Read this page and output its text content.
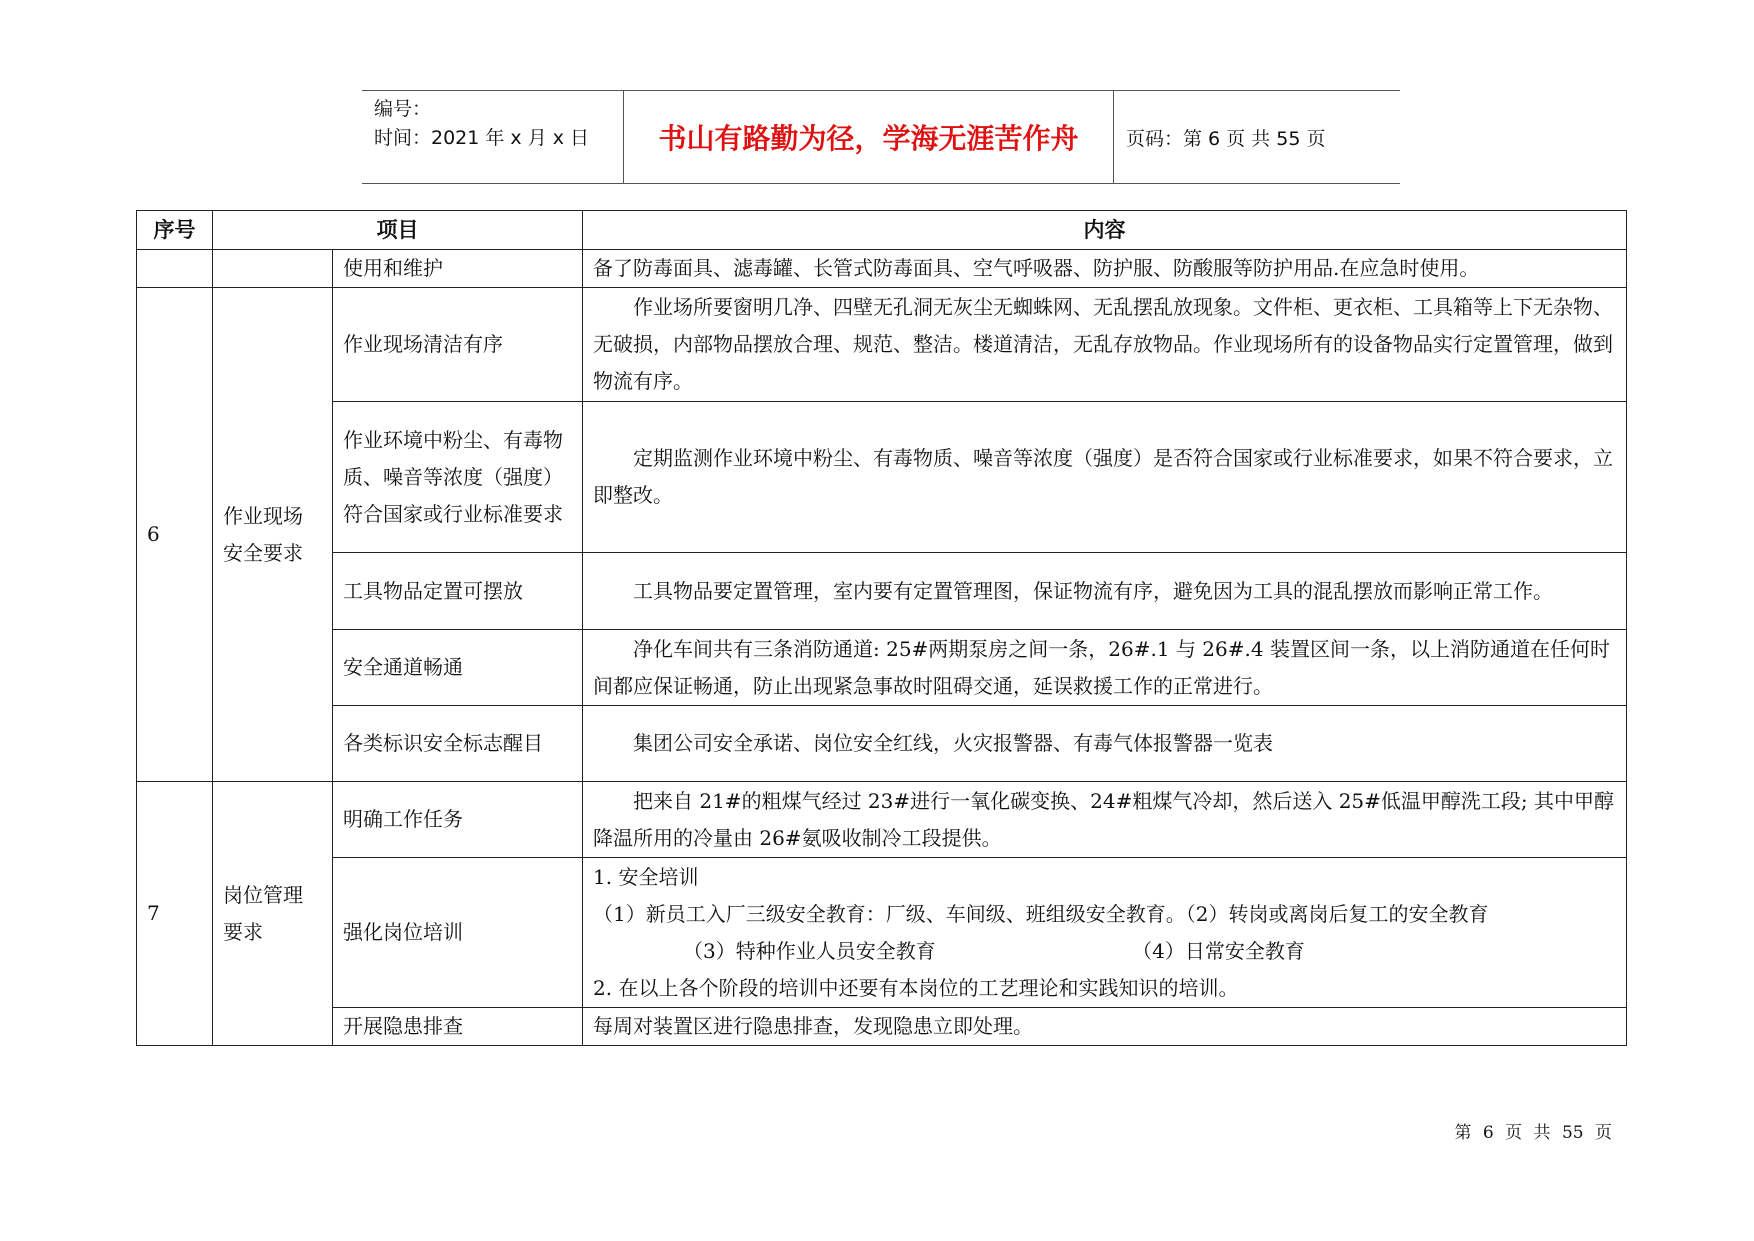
编号：
时间：2021 年 x 月 x 日	书山有路勤为径，学海无涯苦作舟	页码：第 6 页 共 55 页
序号	项目		内容
		使用和维护	备了防毒面具、滤毒罐、长管式防毒面具、空气呼吸器、防护服、防酸服等防护用品.在应急时使用。
6	作业现场安全要求	作业现场清洁有序	作业场所要窗明几净、四壁无孔洞无灰尘无蜘蛛网、无乱摆乱放现象。文件柜、更衣柜、工具箱等上下无杂物、无破损，内部物品摆放合理、规范、整洁。楼道清洁，无乱存放物品。作业现场所有的设备物品实行定置管理，做到物流有序。
		作业环境中粉尘、有毒物质、噪音等浓度（强度）符合国家或行业标准要求	定期监测作业环境中粉尘、有毒物质、噪音等浓度（强度）是否符合国家或行业标准要求，如果不符合要求，立即整改。
		工具物品定置可摆放	工具物品要定置管理，室内要有定置管理图，保证物流有序，避免因为工具的混乱摆放而影响正常工作。
		安全通道畅通	净化车间共有三条消防通道: 25#两期泵房之间一条，26#.1 与 26#.4 装置区间一条，以上消防通道在任何时间都应保证畅通，防止出现紧急事故时阻碍交通，延误救援工作的正常进行。
		各类标识安全标志醒目	集团公司安全承诺、岗位安全红线，火灾报警器、有毒气体报警器一览表
7	岗位管理要求	明确工作任务	把来自 21#的粗煤气经过 23#进行一氧化碳变换、24#粗煤气冷却，然后送入 25#低温甲醇洗工段; 其中甲醇降温所用的冷量由 26#氨吸收制冷工段提供。
		强化岗位培训	1. 安全培训
（1）新员工入厂三级安全教育：厂级、车间级、班组级安全教育。（2）转岗或离岗后复工的安全教育 （3）特种作业人员安全教育 （4）日常安全教育
2. 在以上各个阶段的培训中还要有本岗位的工艺理论和实践知识的培训。

		开展隐患排查	每周对装置区进行隐患排查，发现隐患立即处理。
第 6 页 共 55 页
